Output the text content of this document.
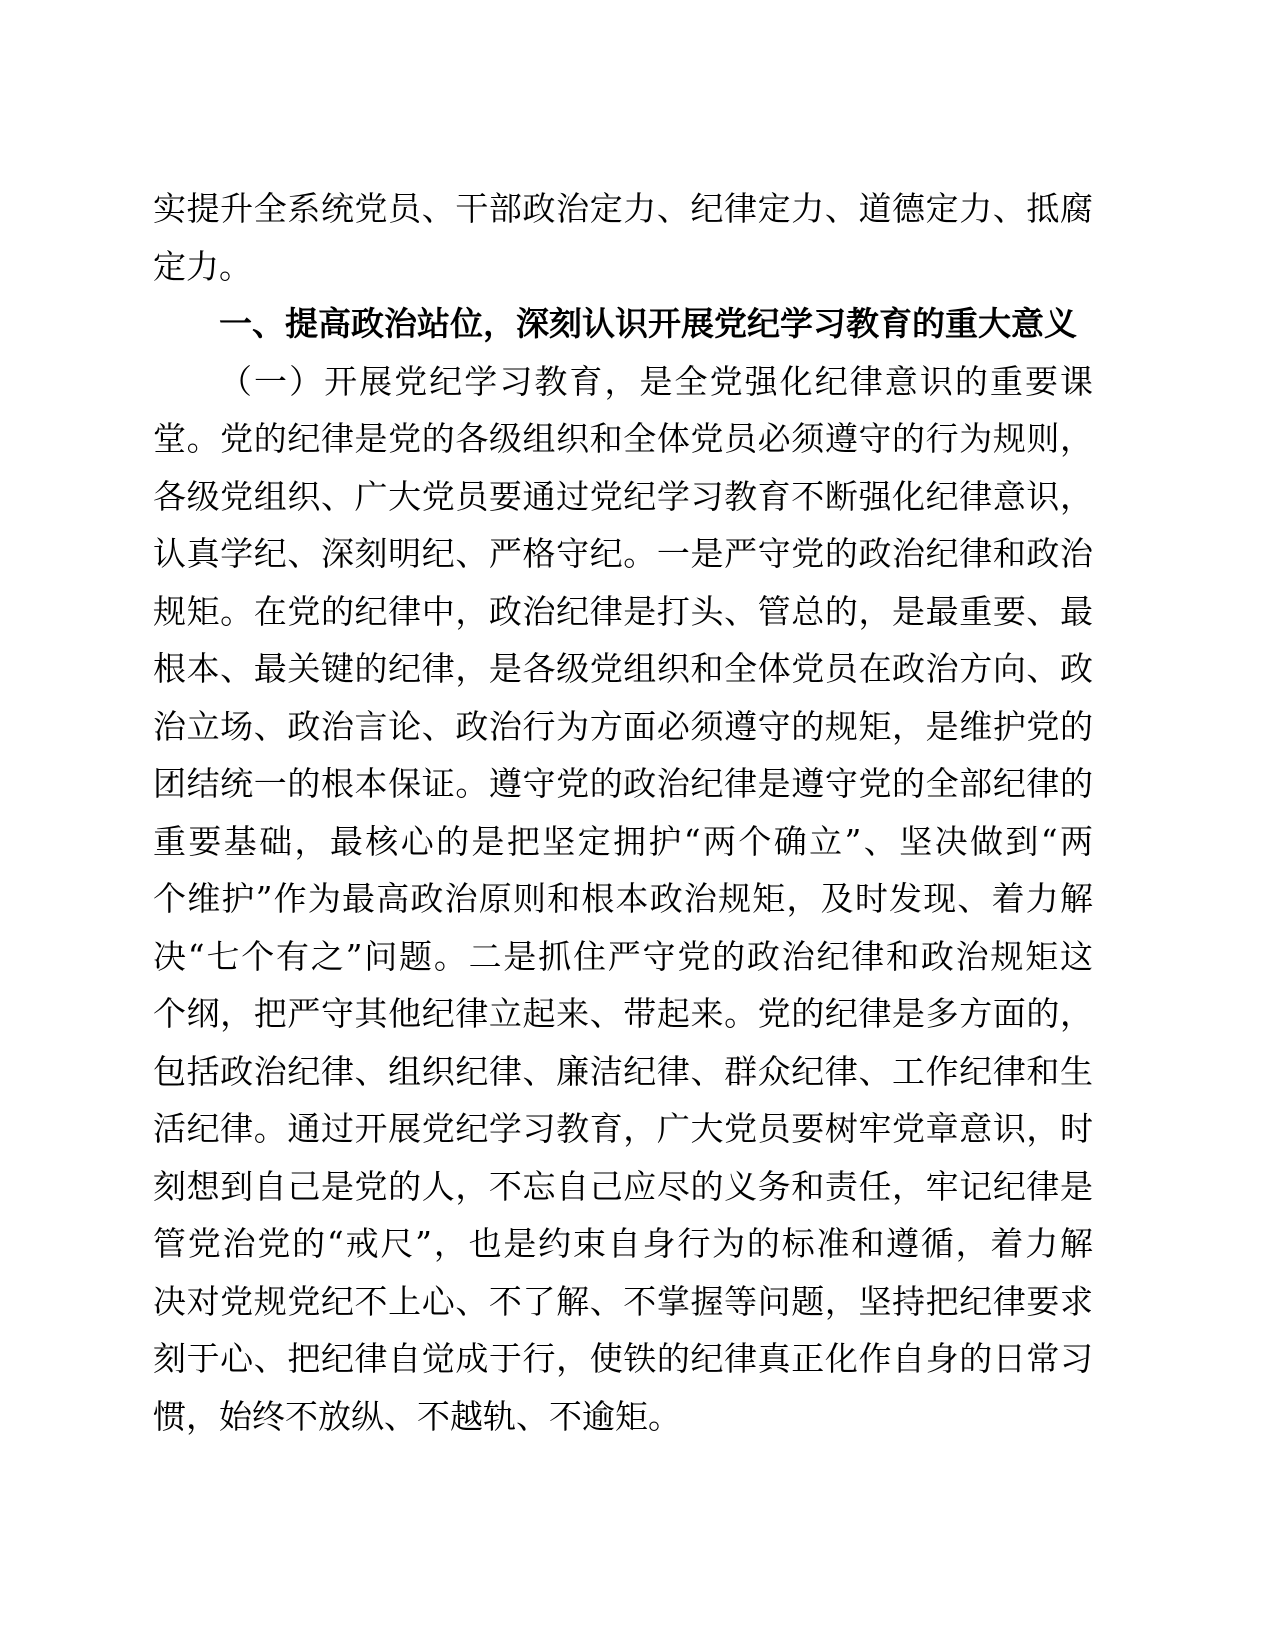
实提升全系统党员、干部政治定力、纪律定力、道德定力、抵腐
定力。
一、提高政治站位，深刻认识开展党纪学习教育的重大意义
（一）开展党纪学习教育，是全党强化纪律意识的重要课
堂。党的纪律是党的各级组织和全体党员必须遵守的行为规则，
各级党组织、广大党员要通过党纪学习教育不断强化纪律意识，
认真学纪、深刻明纪、严格守纪。一是严守党的政治纪律和政治
规矩。在党的纪律中，政治纪律是打头、管总的，是最重要、最
根本、最关键的纪律，是各级党组织和全体党员在政治方向、政
治立场、政治言论、政治行为方面必须遵守的规矩，是维护党的
团结统一的根本保证。遵守党的政治纪律是遵守党的全部纪律的
重要基础，最核心的是把坚定拥护“两个确立”、坚决做到“两
个维护”作为最高政治原则和根本政治规矩，及时发现、着力解
决“七个有之”问题。二是抓住严守党的政治纪律和政治规矩这
个纲，把严守其他纪律立起来、带起来。党的纪律是多方面的，
包括政治纪律、组织纪律、廉洁纪律、群众纪律、工作纪律和生
活纪律。通过开展党纪学习教育，广大党员要树牢党章意识，时
刻想到自己是党的人，不忘自己应尽的义务和责任，牢记纪律是
管党治党的“戒尺”，也是约束自身行为的标准和遵循，着力解
决对党规党纪不上心、不了解、不掌握等问题，坚持把纪律要求
刻于心、把纪律自觉成于行，使铁的纪律真正化作自身的日常习
惯，始终不放纵、不越轨、不逾矩。
